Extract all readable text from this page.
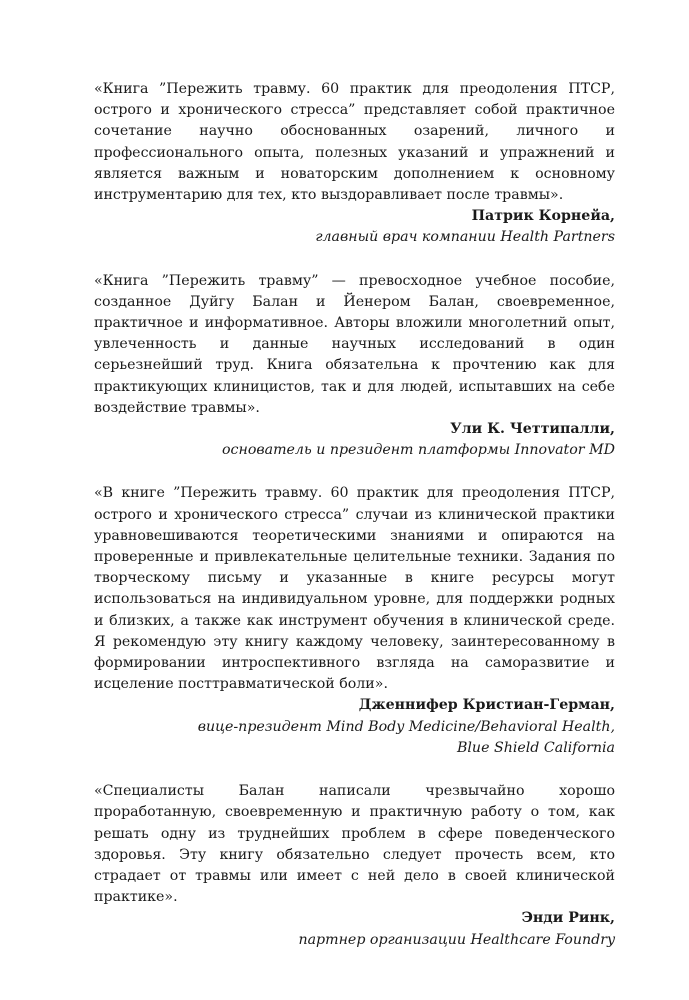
«Книга ”Пережить травму. 60 практик для преодоления ПТСР, острого и хронического стресса” представляет собой практичное сочетание научно обоснованных озарений, личного и профессионального опыта, полезных указаний и упражнений и является важным и новаторским дополнением к основному инструментарию для тех, кто выздоравливает после травмы».

Патрик Корнейа,
главный врач компании Health Partners

«Книга ”Пережить травму” — превосходное учебное пособие, созданное Дуйгу Балан и Йенером Балан, своевременное, практичное и информативное. Авторы вложили многолетний опыт, увлеченность и данные научных исследований в один серьезнейший труд. Книга обязательна к прочтению как для практикующих клиницистов, так и для людей, испытавших на себе воздействие травмы».

Ули К. Четтипалли,
основатель и президент платформы Innovator MD

«В книге ”Пережить травму. 60 практик для преодоления ПТСР, острого и хронического стресса” случаи из клинической практики уравновешиваются теоретическими знаниями и опираются на проверенные и привлекательные целительные техники. Задания по творческому письму и указанные в книге ресурсы могут использоваться на индивидуальном уровне, для поддержки родных и близких, а также как инструмент обучения в клинической среде. Я рекомендую эту книгу каждому человеку, заинтересованному в формировании интроспективного взгляда на саморазвитие и исцеление посттравматической боли».

Дженнифер Кристиан-Герман,
вице-президент Mind Body Medicine/Behavioral Health,
Blue Shield California

«Специалисты Балан написали чрезвычайно хорошо проработанную, своевременную и практичную работу о том, как решать одну из труднейших проблем в сфере поведенческого здоровья. Эту книгу обязательно следует прочесть всем, кто страдает от травмы или имеет с ней дело в своей клинической практике».

Энди Ринк,
партнер организации Healthcare Foundry
